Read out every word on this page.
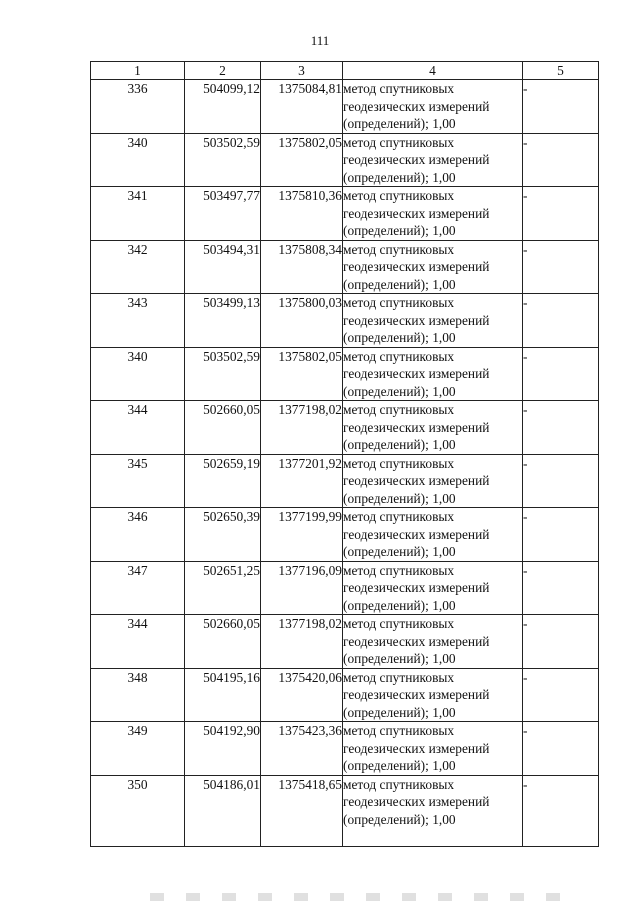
111
1	2	3	4	5
336	504099,12	1375084,81	метод спутниковых
геодезических измерений
(определений); 1,00	-
340	503502,59	1375802,05	метод спутниковых
геодезических измерений
(определений); 1,00	-
341	503497,77	1375810,36	метод спутниковых
геодезических измерений
(определений); 1,00	-
342	503494,31	1375808,34	метод спутниковых
геодезических измерений
(определений); 1,00	-
343	503499,13	1375800,03	метод спутниковых
геодезических измерений
(определений); 1,00	-
340	503502,59	1375802,05	метод спутниковых
геодезических измерений
(определений); 1,00	-
344	502660,05	1377198,02	метод спутниковых
геодезических измерений
(определений); 1,00	-
345	502659,19	1377201,92	метод спутниковых
геодезических измерений
(определений); 1,00	-
346	502650,39	1377199,99	метод спутниковых
геодезических измерений
(определений); 1,00	-
347	502651,25	1377196,09	метод спутниковых
геодезических измерений
(определений); 1,00	-
344	502660,05	1377198,02	метод спутниковых
геодезических измерений
(определений); 1,00	-
348	504195,16	1375420,06	метод спутниковых
геодезических измерений
(определений); 1,00	-
349	504192,90	1375423,36	метод спутниковых
геодезических измерений
(определений); 1,00	-
350	504186,01	1375418,65	метод спутниковых
геодезических измерений
(определений); 1,00	-
